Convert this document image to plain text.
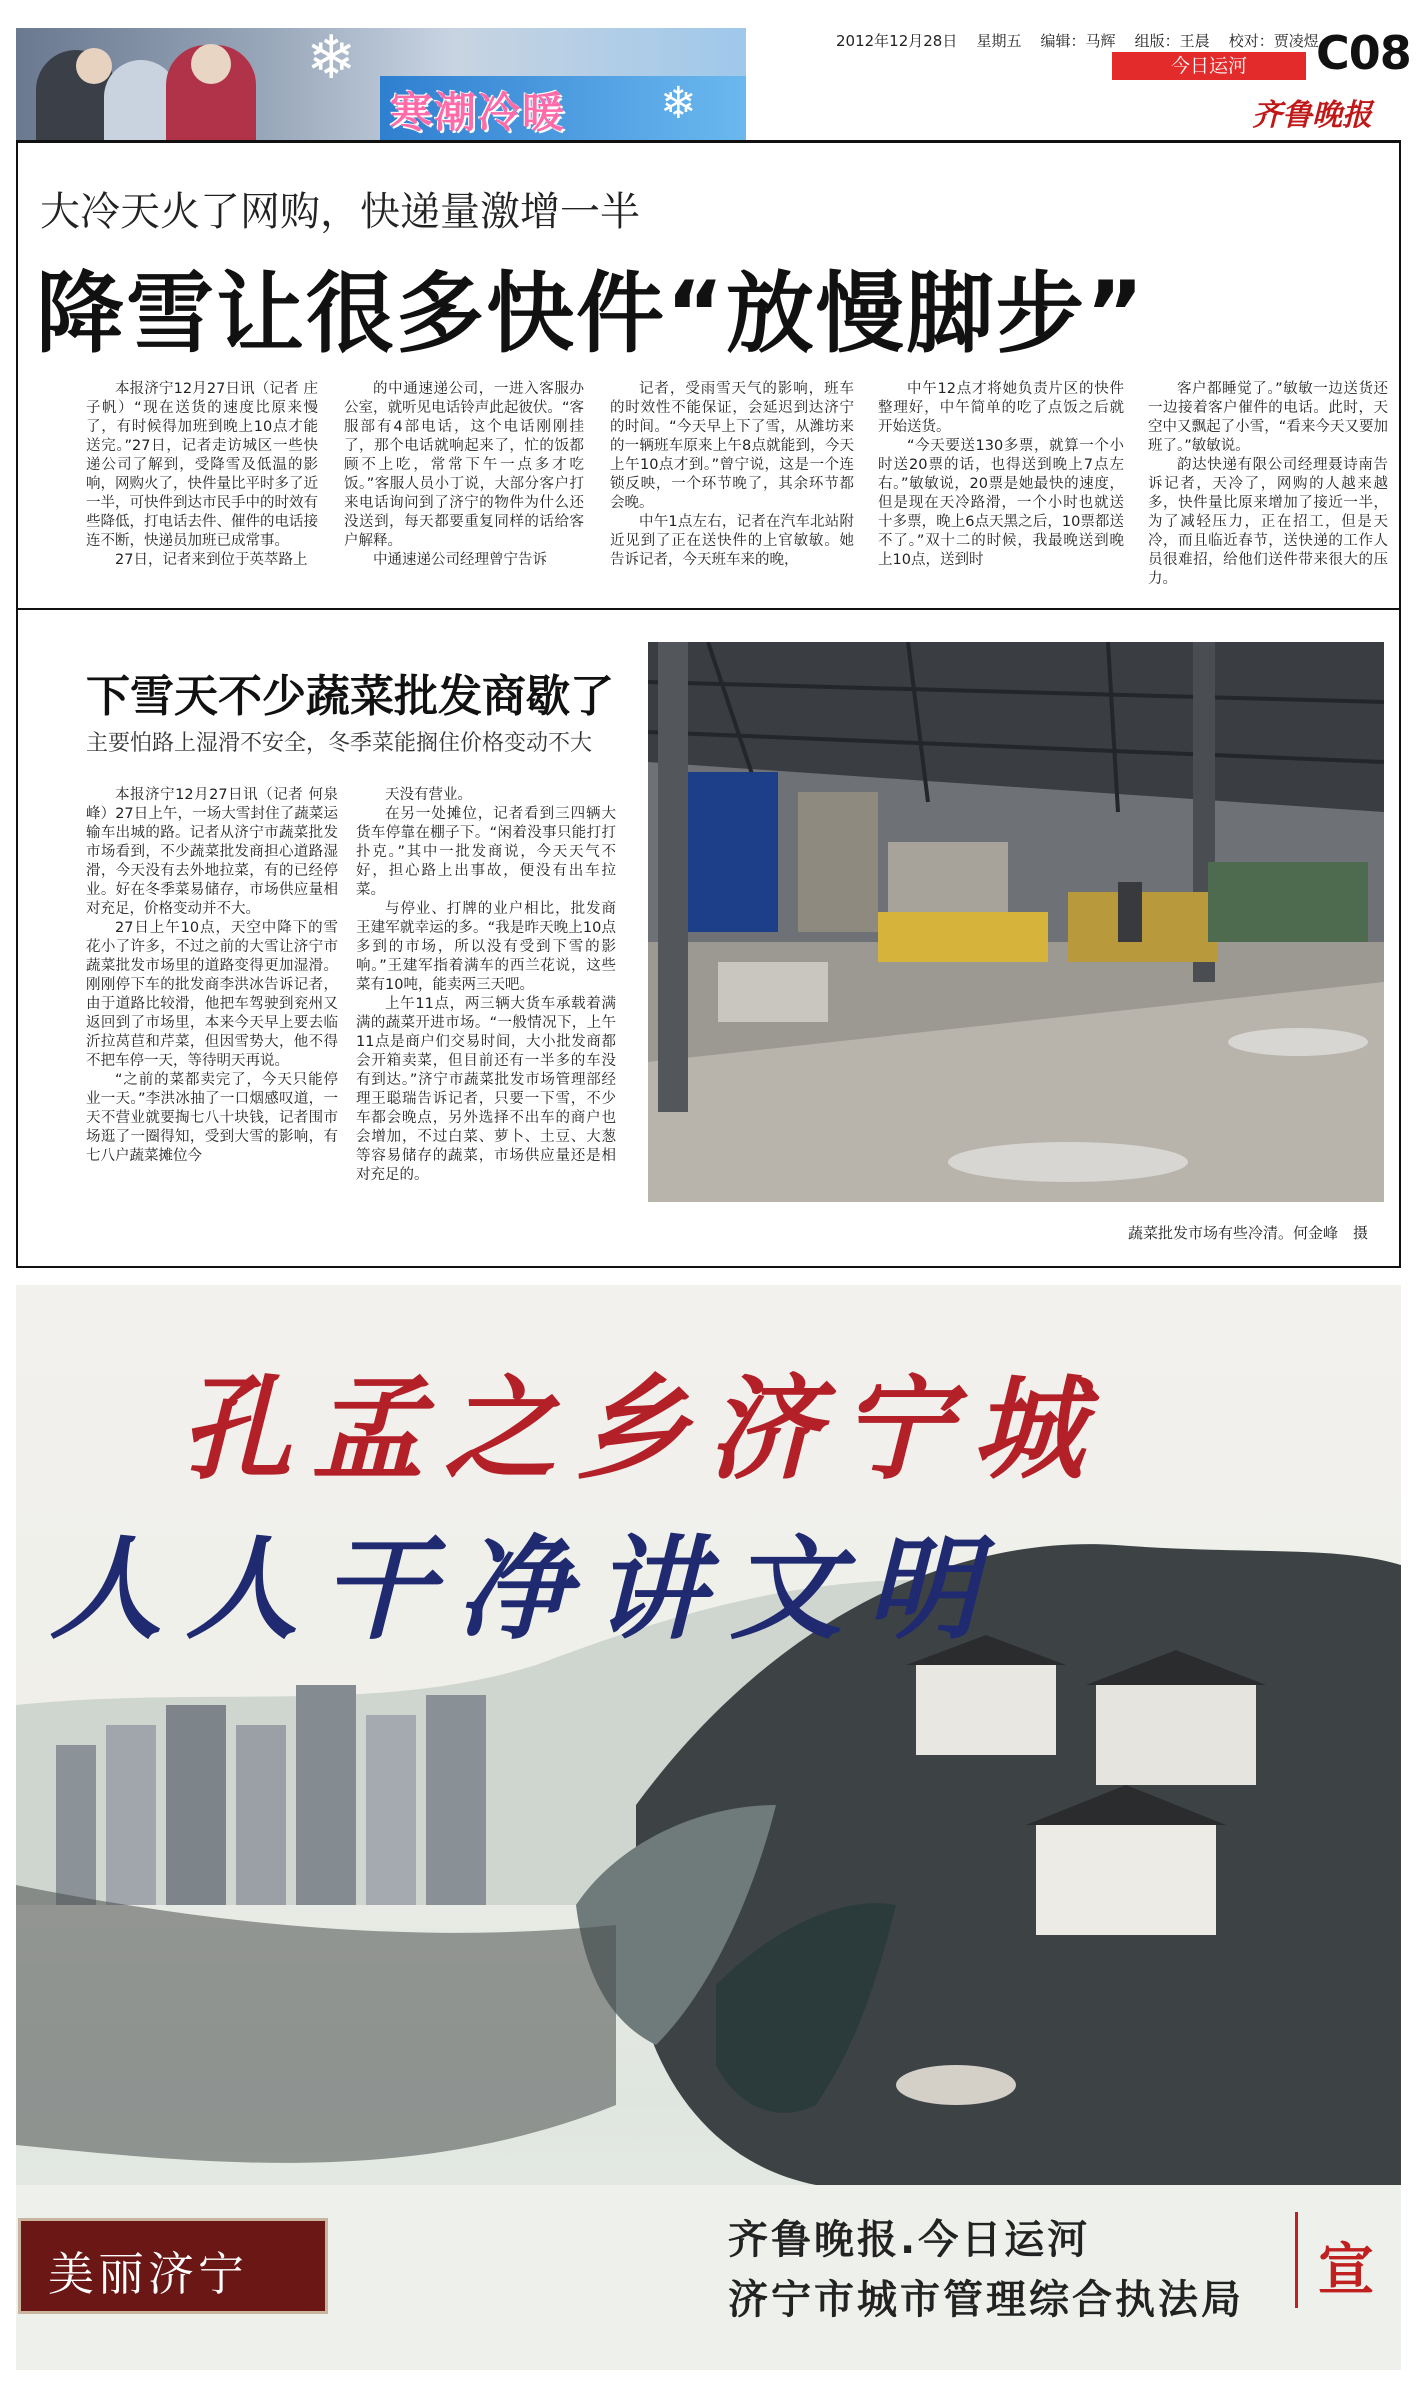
❄
❄
寒潮冷暖
2012年12月28日 星期五 编辑：马辉 组版：王晨 校对：贾凌煜
今日运河	C08
齐鲁晚报
大冷天火了网购，快递量激增一半
降雪让很多快件“放慢脚步”

本报济宁12月27日讯（记者 庄子帆）“现在送货的速度比原来慢了，有时候得加班到晚上10点才能送完。”27日，记者走访城区一些快递公司了解到，受降雪及低温的影响，网购火了，快件量比平时多了近一半，可快件到达市民手中的时效有些降低，打电话去件、催件的电话接连不断，快递员加班已成常事。

27日，记者来到位于英萃路上

的中通速递公司，一进入客服办公室，就听见电话铃声此起彼伏。“客服部有4部电话，这个电话刚刚挂了，那个电话就响起来了，忙的饭都顾不上吃，常常下午一点多才吃饭。”客服人员小丁说，大部分客户打来电话询问到了济宁的物件为什么还没送到，每天都要重复同样的话给客户解释。

中通速递公司经理曾宁告诉

记者，受雨雪天气的影响，班车的时效性不能保证，会延迟到达济宁的时间。“今天早上下了雪，从潍坊来的一辆班车原来上午8点就能到，今天上午10点才到。”曾宁说，这是一个连锁反映，一个环节晚了，其余环节都会晚。

中午1点左右，记者在汽车北站附近见到了正在送快件的上官敏敏。她告诉记者，今天班车来的晚，

中午12点才将她负责片区的快件整理好，中午简单的吃了点饭之后就开始送货。

“今天要送130多票，就算一个小时送20票的话，也得送到晚上7点左右。”敏敏说，20票是她最快的速度，但是现在天冷路滑，一个小时也就送十多票，晚上6点天黑之后，10票都送不了。”双十二的时候，我最晚送到晚上10点，送到时

客户都睡觉了。”敏敏一边送货还一边接着客户催件的电话。此时，天空中又飘起了小雪，“看来今天又要加班了。”敏敏说。

韵达快递有限公司经理聂诗南告诉记者，天冷了，网购的人越来越多，快件量比原来增加了接近一半，为了减轻压力，正在招工，但是天冷，而且临近春节，送快递的工作人员很难招，给他们送件带来很大的压力。

下雪天不少蔬菜批发商歇了
主要怕路上湿滑不安全，冬季菜能搁住价格变动不大

本报济宁12月27日讯（记者 何泉峰）27日上午，一场大雪封住了蔬菜运输车出城的路。记者从济宁市蔬菜批发市场看到，不少蔬菜批发商担心道路湿滑，今天没有去外地拉菜，有的已经停业。好在冬季菜易储存，市场供应量相对充足，价格变动并不大。

27日上午10点，天空中降下的雪花小了许多，不过之前的大雪让济宁市蔬菜批发市场里的道路变得更加湿滑。刚刚停下车的批发商李洪冰告诉记者，由于道路比较滑，他把车驾驶到兖州又返回到了市场里，本来今天早上要去临沂拉莴苣和芹菜，但因雪势大，他不得不把车停一天，等待明天再说。

“之前的菜都卖完了，今天只能停业一天。”李洪冰抽了一口烟感叹道，一天不营业就要掏七八十块钱，记者围市场逛了一圈得知，受到大雪的影响，有七八户蔬菜摊位今

天没有营业。

在另一处摊位，记者看到三四辆大货车停靠在棚子下。“闲着没事只能打打扑克。”其中一批发商说，今天天气不好，担心路上出事故，便没有出车拉菜。

与停业、打牌的业户相比，批发商王建军就幸运的多。“我是昨天晚上10点多到的市场，所以没有受到下雪的影响。”王建军指着满车的西兰花说，这些菜有10吨，能卖两三天吧。

上午11点，两三辆大货车承载着满满的蔬菜开进市场。“一般情况下，上午11点是商户们交易时间，大小批发商都会开箱卖菜，但目前还有一半多的车没有到达。”济宁市蔬菜批发市场管理部经理王聪瑞告诉记者，只要一下雪，不少车都会晚点，另外选择不出车的商户也会增加，不过白菜、萝卜、土豆、大葱等容易储存的蔬菜，市场供应量还是相对充足的。

蔬菜批发市场有些冷清。何金峰　摄
孔孟之乡济宁城
人人干净讲文明
美丽济宁
齐鲁晚报.今日运河
济宁市城市管理综合执法局 宣
